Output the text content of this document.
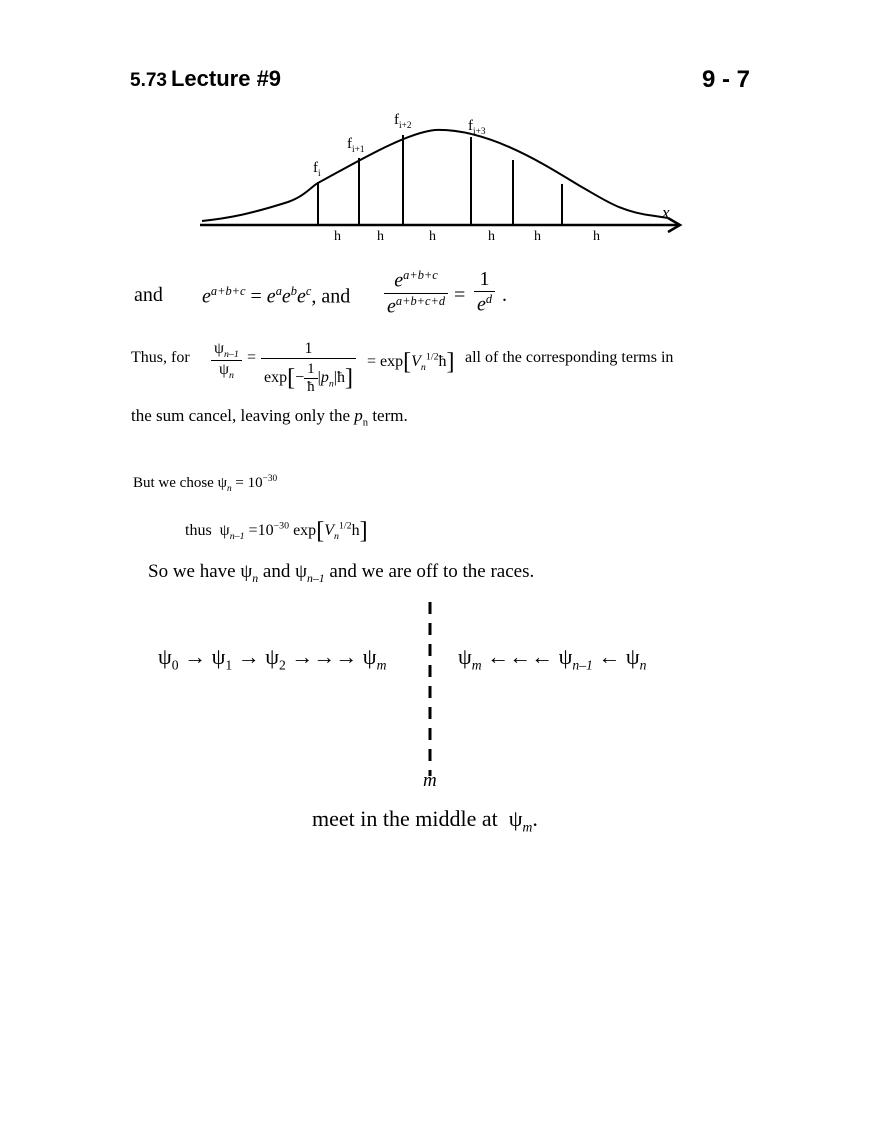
5.73 Lecture #9	9 - 7
x
$f_i$
$f_{i+1}$
$f_{i+2}$	$f_{i+3}$
h	h	h	h	h	h
and $e^{a+b+c} = e^ae^be^c$, and $\frac{e^{a+b+c}}{e^{a+b+c+d}} = \frac{1}{e^d}$ .
Thus, for $\frac{\psi_{n-1}}{\psi_n} = \frac{1}{\exp[- \frac{1}{ħ} |p_n|ħ]}$ = $\exp[V_n^{1/2}ħ]$ all of the corresponding terms in
the sum cancel, leaving only the $p_n$ term.
But we chose $\psi_n = 10^{-30}$
thus  $\psi_{n-1} =10^{-30}$ $\exp[V_n^{1/2}h]$
So we have $\psi_n$ and $\psi_{n-1}$ and we are off to the races.
$\psi_0 \to \psi_1 \to \psi_2$ →→→ $\psi_m$	$\psi_m$ ←←← $\psi_{n-1}$ ← $\psi_n$
m
meet in the middle at  $\psi_m$.
